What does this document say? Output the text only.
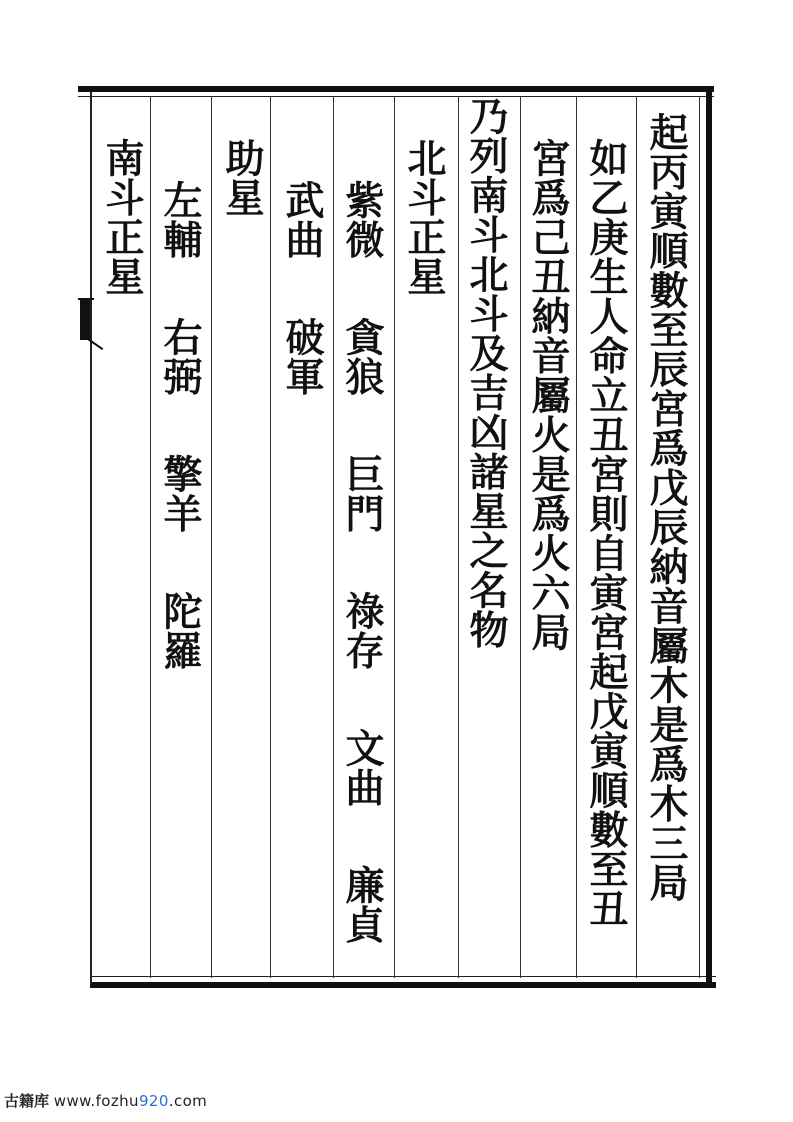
起丙寅順數至辰宮爲戊辰納音屬木是爲木三局
如乙庚生人命立丑宮則自寅宮起戊寅順數至丑
宮爲己丑納音屬火是爲火六局
乃列南斗北斗及吉凶諸星之名物
北斗正星
紫微貪狼巨門祿存文曲廉貞
武曲破軍
助星
左輔右弼擎羊陀羅
南斗正星
古籍库 www.fozhu920.com
